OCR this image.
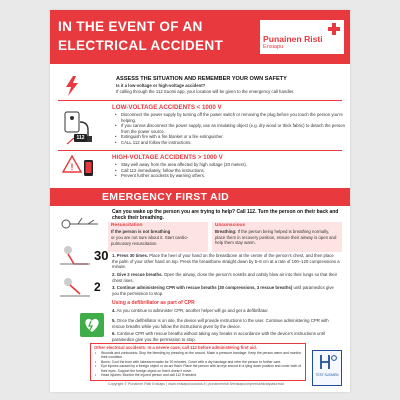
IN THE EVENT OF AN ELECTRICAL ACCIDENT	Punainen Risti
Ensiapu
ASSESS THE SITUATION AND REMEMBER YOUR OWN SAFETY
Is it a low-voltage or high-voltage accident?
If calling through the 112 Suomi app, your location will be given to the emergency call handler.
LOW-VOLTAGE ACCIDENTS < 1000 V
112
• Disconnect the power supply by turning off the power switch or removing the plug before you touch the person you're helping.
• If you cannot disconnect the power supply, use an insulating object (e.g. dry wood or thick fabric) to detach the person from the power source.
• Extinguish fire with a fire blanket or a fire extinguisher.
• CALL 112 and follow the instructions.
HIGH-VOLTAGE ACCIDENTS > 1000 V
!
•	Stay well away from the area affected by high voltage (20 meters).
• Call 112 immediately, follow the instructions.
• Prevent further accidents by warning others.
EMERGENCY FIRST AID
Can you wake up the person you are trying to help? Call 112. Turn the person on their back and check their breathing.
Resuscitation
If the person is not breathing
or you are not sure about it. Start cardio-pulmonary resuscitation.
Unconscious
Breathing: If the person being helped is breathing normally, place them in recovery position, ensure their airway is open and help them stay warm.
30
2
1. Press 30 times. Place the heel of your hand on the breastbone at the centre of the person's chest, and then place the palm of your other hand on top. Press the breastbone straight down by 5–6 cm at a rate of 100–120 compressions a minute.
2. Give 2 rescue breaths. Open the airway, close the person's nostrils and calmly blow air into their lungs so that their chest rises.
3. Continue administering CPR with rescue breaths (30 compressions, 3 rescue breaths) until paramedics give you the permission to stop.
Using a defibrillator as part of CPR
4. As you continue to administer CPR, another helper will go and get a defibrillator.
5. Once the defibrillator is on site, the device will provide instructions to the user. Continue administering CPR with rescue breaths while you follow the instructions given by the device.
6. Continue CPR with rescue breaths without taking any breaks in accordance with the device's instructions until paramedics give you the permission to stop.
Other electrical accidents: In a severe case, call 112 before administering first aid.
• Wounds and contusions: Stop the bleeding by pressing on the wound. Make a pressure bandage. Keep the person warm and monitor their condition.
• Burns: Cool the burn with lukewarm water for 20 minutes. Cover with a dry bandage and refer the person to further care.
• Eye injuries caused by a foreign object or an arc flash: Place the person with an eye wound in a lying down position and cover both of their eyes. Support the foreign object so that it doesn't move.
• Head injuries: Monitor the injured person and call 112 if needed.	TEST SUOMEN
Copyright © Punainen Risti Ensiapu | www.ensiapukoulutus.fi | punainenristi.fi/ensiapu/ohjeet/sahkotapaturmat
